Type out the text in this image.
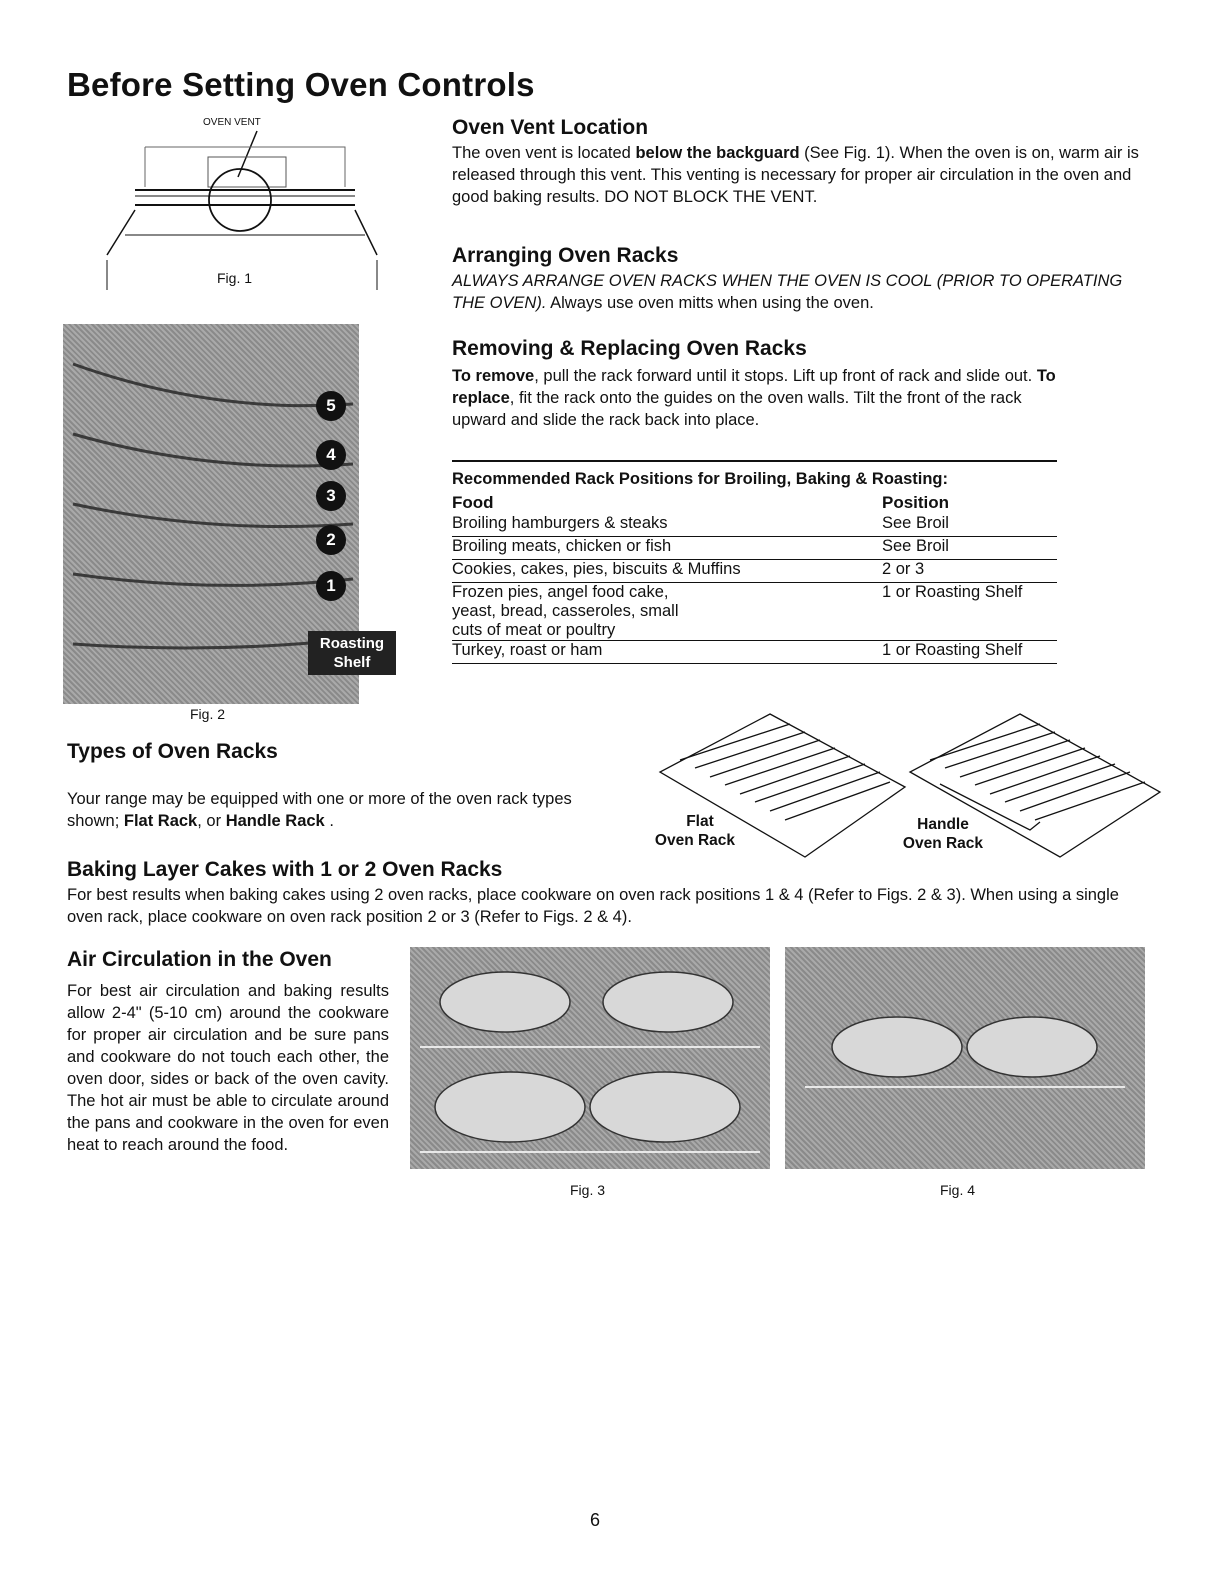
Before Setting Oven Controls
OVEN VENT
Fig. 1
5
4
3
2
1
Roasting
Shelf
Fig. 2
Oven Vent Location

The oven vent is located below the backguard (See Fig. 1). When the oven is on, warm air is released through this vent. This venting is necessary for proper air circulation in the oven and good baking results. DO NOT BLOCK THE VENT.

Arranging Oven Racks

ALWAYS ARRANGE OVEN RACKS WHEN THE OVEN IS COOL (PRIOR TO OPERATING THE OVEN). Always use oven mitts when using the oven.

Removing & Replacing Oven Racks

To remove, pull the rack forward until it stops. Lift up front of rack and slide out. To replace, fit the rack onto the guides on the oven walls. Tilt the front of the rack upward and slide the rack back into place.

Recommended Rack Positions for Broiling, Baking & Roasting:
Food	Position
Broiling hamburgers & steaks	See Broil
Broiling meats, chicken or fish	See Broil
Cookies, cakes, pies, biscuits & Muffins	2 or 3

Frozen pies, angel food cake,
yeast, bread, casseroles, small
cuts of meat or poultry	1 or Roasting Shelf
Turkey, roast or ham	1 or Roasting Shelf
Types of Oven Racks

Your range may be equipped with one or more of the oven rack types shown; Flat Rack, or Handle Rack .	Flat
Oven Rack
Handle
Oven Rack
Baking Layer Cakes with 1 or 2 Oven Racks

For best results when baking cakes using 2 oven racks, place cookware on oven rack positions 1 & 4 (Refer to Figs. 2 & 3). When using a single oven rack, place cookware on oven rack position 2 or 3 (Refer to Figs. 2 & 4).

Air Circulation in the Oven

For best air circulation and baking results allow 2-4" (5-10 cm) around the cookware for proper air circulation and be sure pans and cookware do not touch each other, the oven door, sides or back of the oven cavity. The hot air must be able to circulate around the pans and cookware in the oven for even heat to reach around the food.

Fig. 3	Fig. 4
6
